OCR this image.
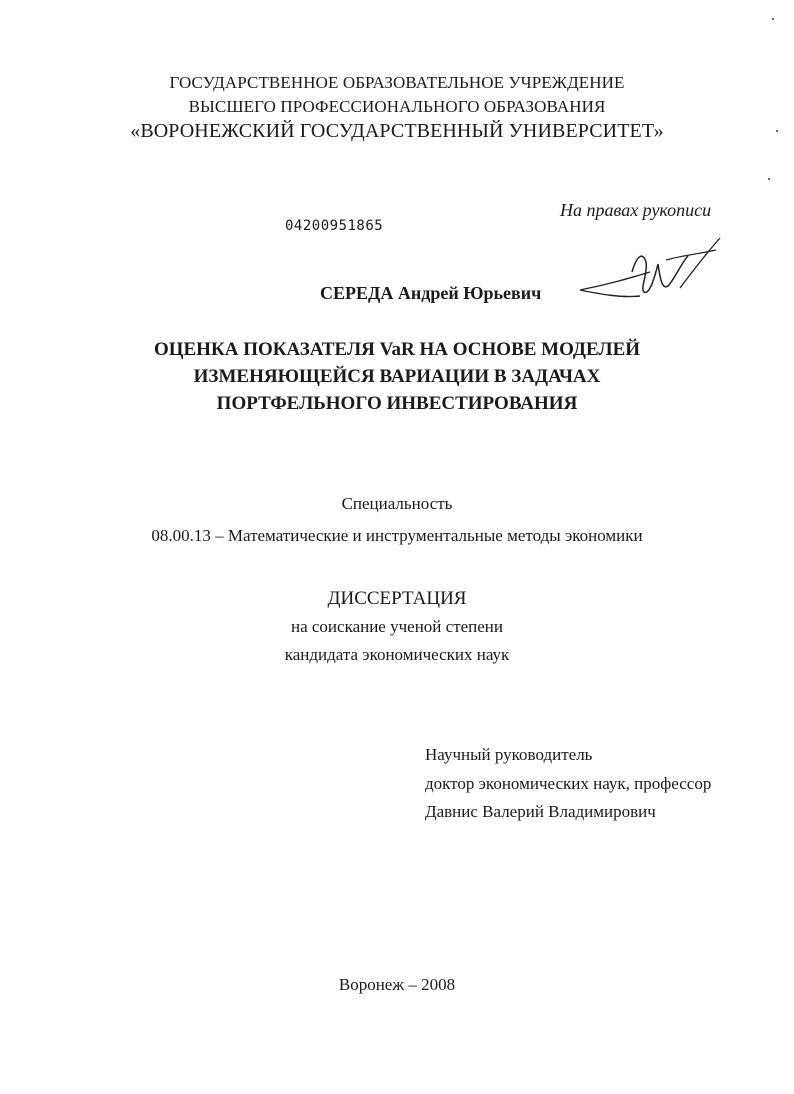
ГОСУДАРСТВЕННОЕ ОБРАЗОВАТЕЛЬНОЕ УЧРЕЖДЕНИЕ
ВЫСШЕГО ПРОФЕССИОНАЛЬНОГО ОБРАЗОВАНИЯ
«ВОРОНЕЖСКИЙ ГОСУДАРСТВЕННЫЙ УНИВЕРСИТЕТ»
На правах рукописи
04200951865
СЕРЕДА Андрей Юрьевич
ОЦЕНКА ПОКАЗАТЕЛЯ VaR НА ОСНОВЕ МОДЕЛЕЙ
ИЗМЕНЯЮЩЕЙСЯ ВАРИАЦИИ В ЗАДАЧАХ
ПОРТФЕЛЬНОГО ИНВЕСТИРОВАНИЯ
Специальность
08.00.13 – Математические и инструментальные методы экономики
ДИССЕРТАЦИЯ
на соискание ученой степени
кандидата экономических наук
Научный руководитель
доктор экономических наук, профессор
Давнис Валерий Владимирович
Воронеж – 2008
